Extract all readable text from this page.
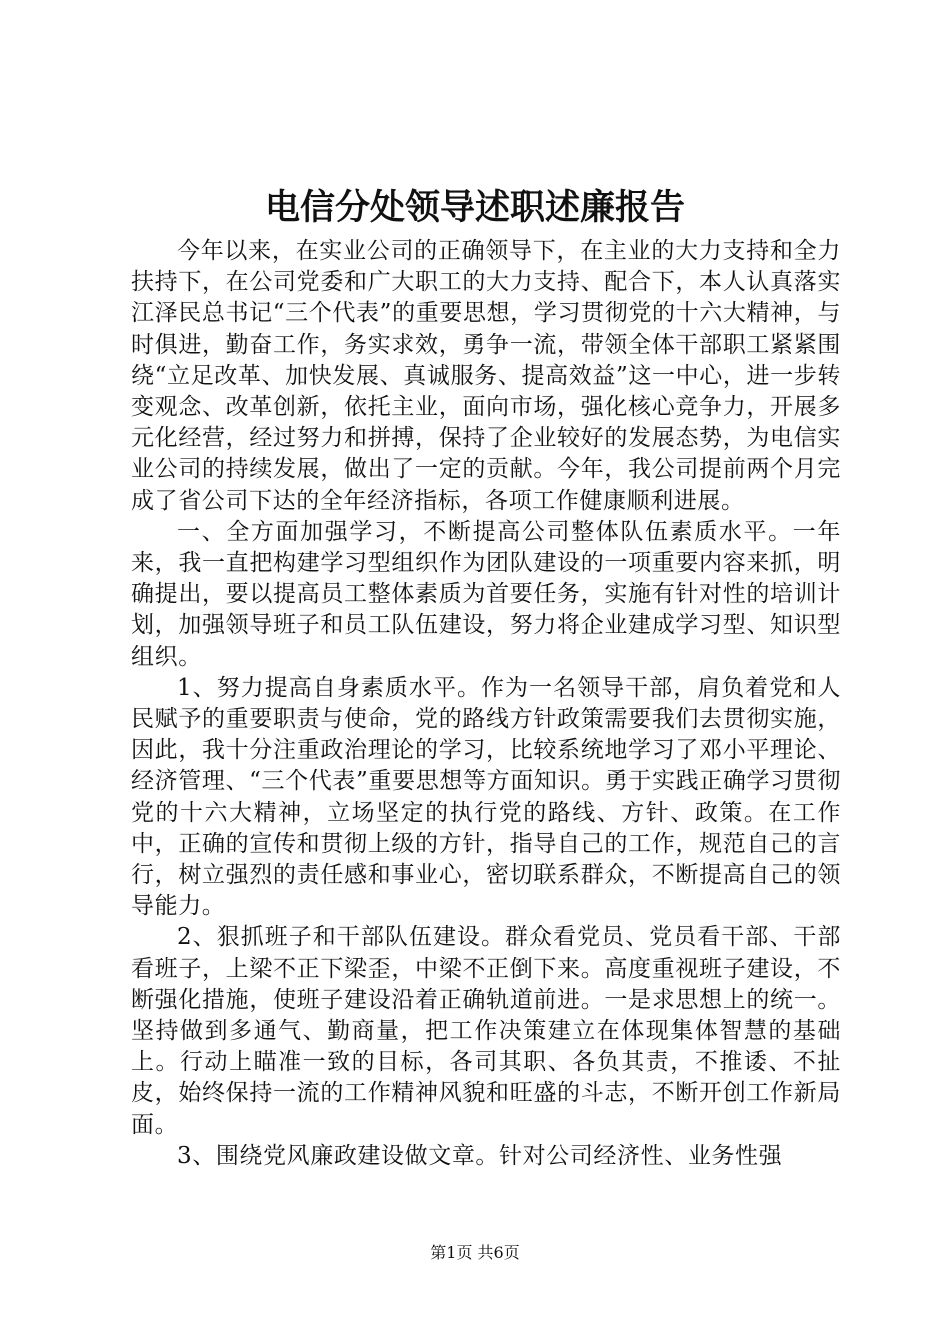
电信分处领导述职述廉报告

今年以来，在实业公司的正确领导下，在主业的大力支持和全力扶持下，在公司党委和广大职工的大力支持、配合下，本人认真落实江泽民总书记“三个代表”的重要思想，学习贯彻党的十六大精神，与时俱进，勤奋工作，务实求效，勇争一流，带领全体干部职工紧紧围绕“立足改革、加快发展、真诚服务、提高效益”这一中心，进一步转变观念、改革创新，依托主业，面向市场，强化核心竞争力，开展多元化经营，经过努力和拼搏，保持了企业较好的发展态势，为电信实业公司的持续发展，做出了一定的贡献。今年，我公司提前两个月完成了省公司下达的全年经济指标，各项工作健康顺利进展。

一、全方面加强学习，不断提高公司整体队伍素质水平。一年来，我一直把构建学习型组织作为团队建设的一项重要内容来抓，明确提出，要以提高员工整体素质为首要任务，实施有针对性的培训计划，加强领导班子和员工队伍建设，努力将企业建成学习型、知识型组织。

1、努力提高自身素质水平。作为一名领导干部，肩负着党和人民赋予的重要职责与使命，党的路线方针政策需要我们去贯彻实施，因此，我十分注重政治理论的学习，比较系统地学习了邓小平理论、经济管理、“三个代表”重要思想等方面知识。勇于实践正确学习贯彻党的十六大精神，立场坚定的执行党的路线、方针、政策。在工作中，正确的宣传和贯彻上级的方针，指导自己的工作，规范自己的言行，树立强烈的责任感和事业心，密切联系群众，不断提高自己的领导能力。

2、狠抓班子和干部队伍建设。群众看党员、党员看干部、干部看班子，上梁不正下梁歪，中梁不正倒下来。高度重视班子建设，不断强化措施，使班子建设沿着正确轨道前进。一是求思想上的统一。坚持做到多通气、勤商量，把工作决策建立在体现集体智慧的基础上。行动上瞄准一致的目标，各司其职、各负其责，不推诿、不扯皮，始终保持一流的工作精神风貌和旺盛的斗志，不断开创工作新局面。

3、围绕党风廉政建设做文章。针对公司经济性、业务性强

第1页 共6页
